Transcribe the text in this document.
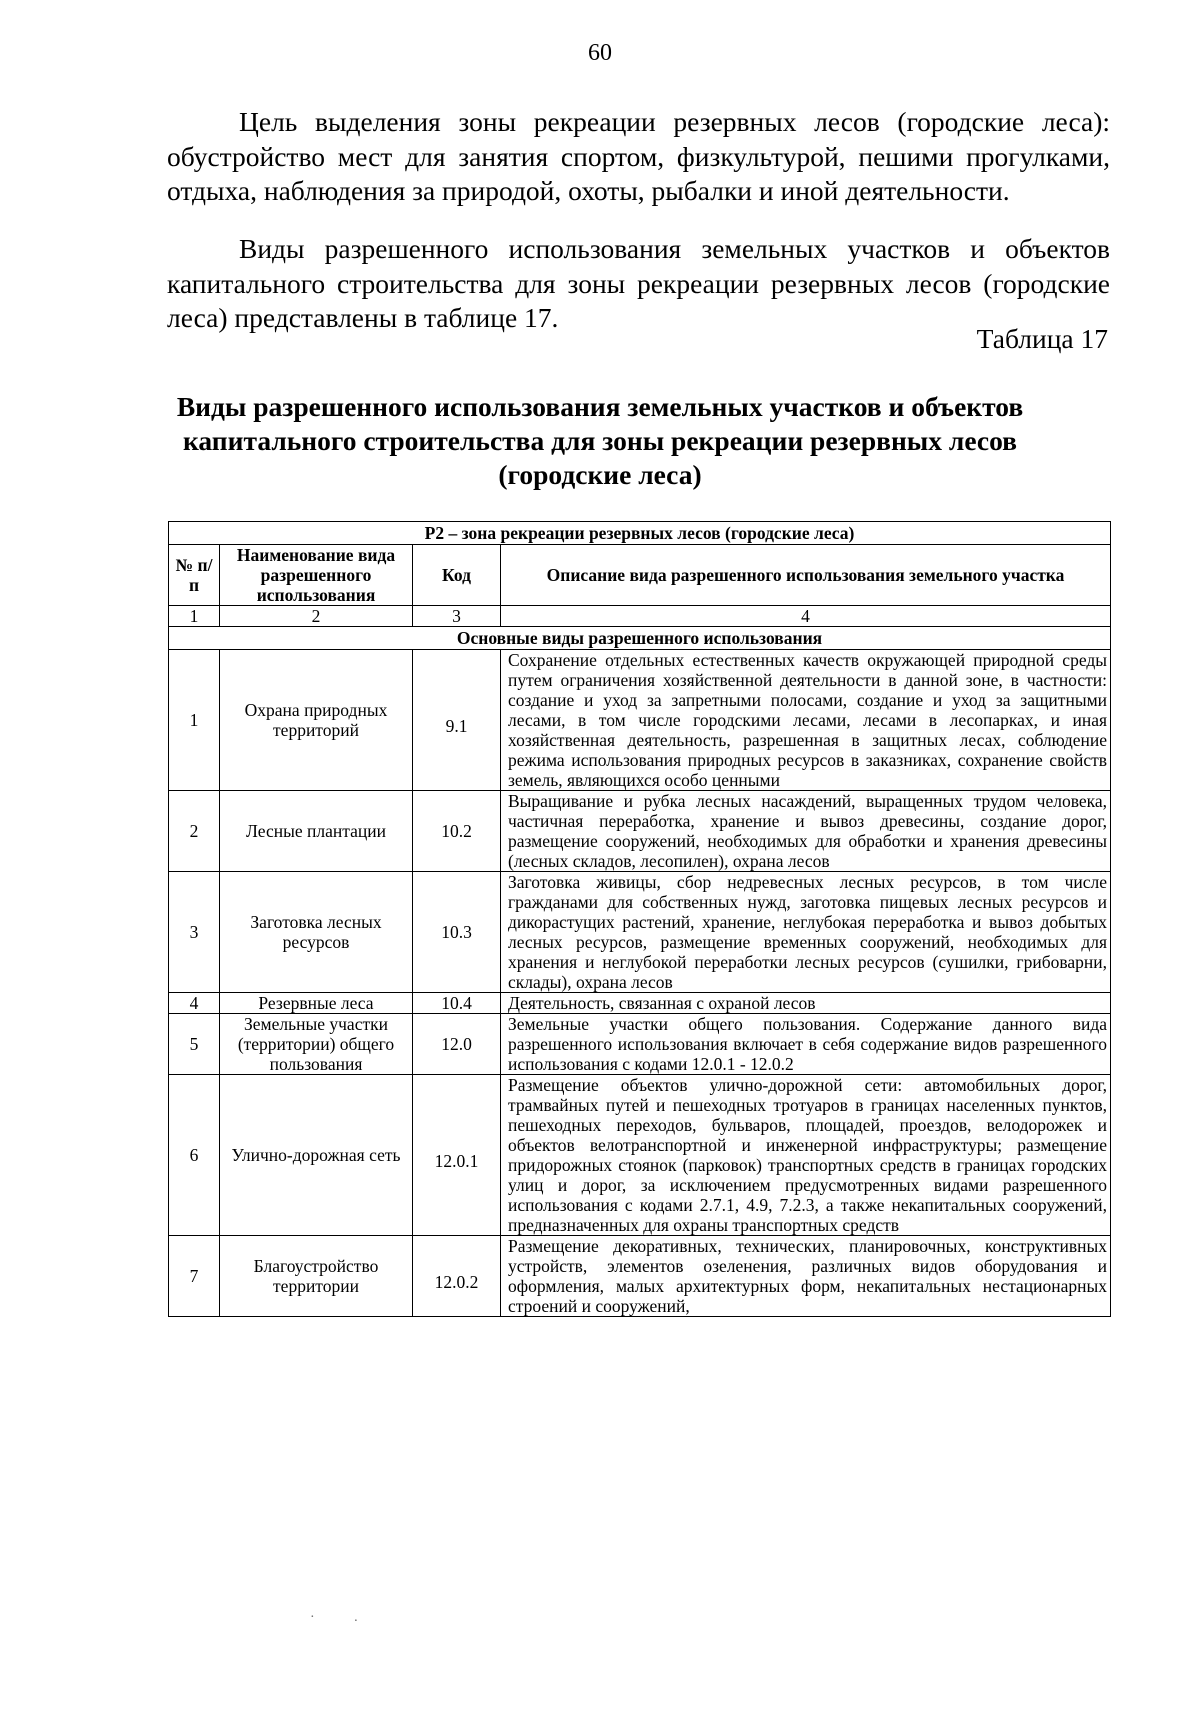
60

Цель выделения зоны рекреации резервных лесов (городские леса): обустройство мест для занятия спортом, физкультурой, пешими прогулками, отдыха, наблюдения за природой, охоты, рыбалки и иной деятельности.

Виды разрешенного использования земельных участков и объектов капитального строительства для зоны рекреации резервных лесов (городские леса) представлены в таблице 17.

Таблица 17
Виды разрешенного использования земельных участков и объектов капитального строительства для зоны рекреации резервных лесов (городские леса)
Р2 – зона рекреации резервных лесов (городские леса)			
№ п/п	Наименование вида разрешенного использования	Код	Описание вида разрешенного использования земельного участка
1	2	3	4
Основные виды разрешенного использования			
1	Охрана природных территорий	9.1	Сохранение отдельных естественных качеств окружающей природной среды путем ограничения хозяйственной деятельности в данной зоне, в частности: создание и уход за запретными полосами, создание и уход за защитными лесами, в том числе городскими лесами, лесами в лесопарках, и иная хозяйственная деятельность, разрешенная в защитных лесах, соблюдение режима использования природных ресурсов в заказниках, сохранение свойств земель, являющихся особо ценными
2	Лесные плантации	10.2	Выращивание и рубка лесных насаждений, выращенных трудом человека, частичная переработка, хранение и вывоз древесины, создание дорог, размещение сооружений, необходимых для обработки и хранения древесины (лесных складов, лесопилен), охрана лесов
3	Заготовка лесных ресурсов	10.3	Заготовка живицы, сбор недревесных лесных ресурсов, в том числе гражданами для собственных нужд, заготовка пищевых лесных ресурсов и дикорастущих растений, хранение, неглубокая переработка и вывоз добытых лесных ресурсов, размещение временных сооружений, необходимых для хранения и неглубокой переработки лесных ресурсов (сушилки, грибоварни, склады), охрана лесов
4	Резервные леса	10.4	Деятельность, связанная с охраной лесов
5	Земельные участки (территории) общего пользования	12.0	Земельные участки общего пользования. Содержание данного вида разрешенного использования включает в себя содержание видов разрешенного использования с кодами 12.0.1 - 12.0.2
6	Улично-дорожная сеть	12.0.1	Размещение объектов улично-дорожной сети: автомобильных дорог, трамвайных путей и пешеходных тротуаров в границах населенных пунктов, пешеходных переходов, бульваров, площадей, проездов, велодорожек и объектов велотранспортной и инженерной инфраструктуры; размещение придорожных стоянок (парковок) транспортных средств в границах городских улиц и дорог, за исключением предусмотренных видами разрешенного использования с кодами 2.7.1, 4.9, 7.2.3, а также некапитальных сооружений, предназначенных для охраны транспортных средств
7	Благоустройство территории	12.0.2	Размещение декоративных, технических, планировочных, конструктивных устройств, элементов озеленения, различных видов оборудования и оформления, малых архитектурных форм, некапитальных нестационарных строений и сооружений,
· .
